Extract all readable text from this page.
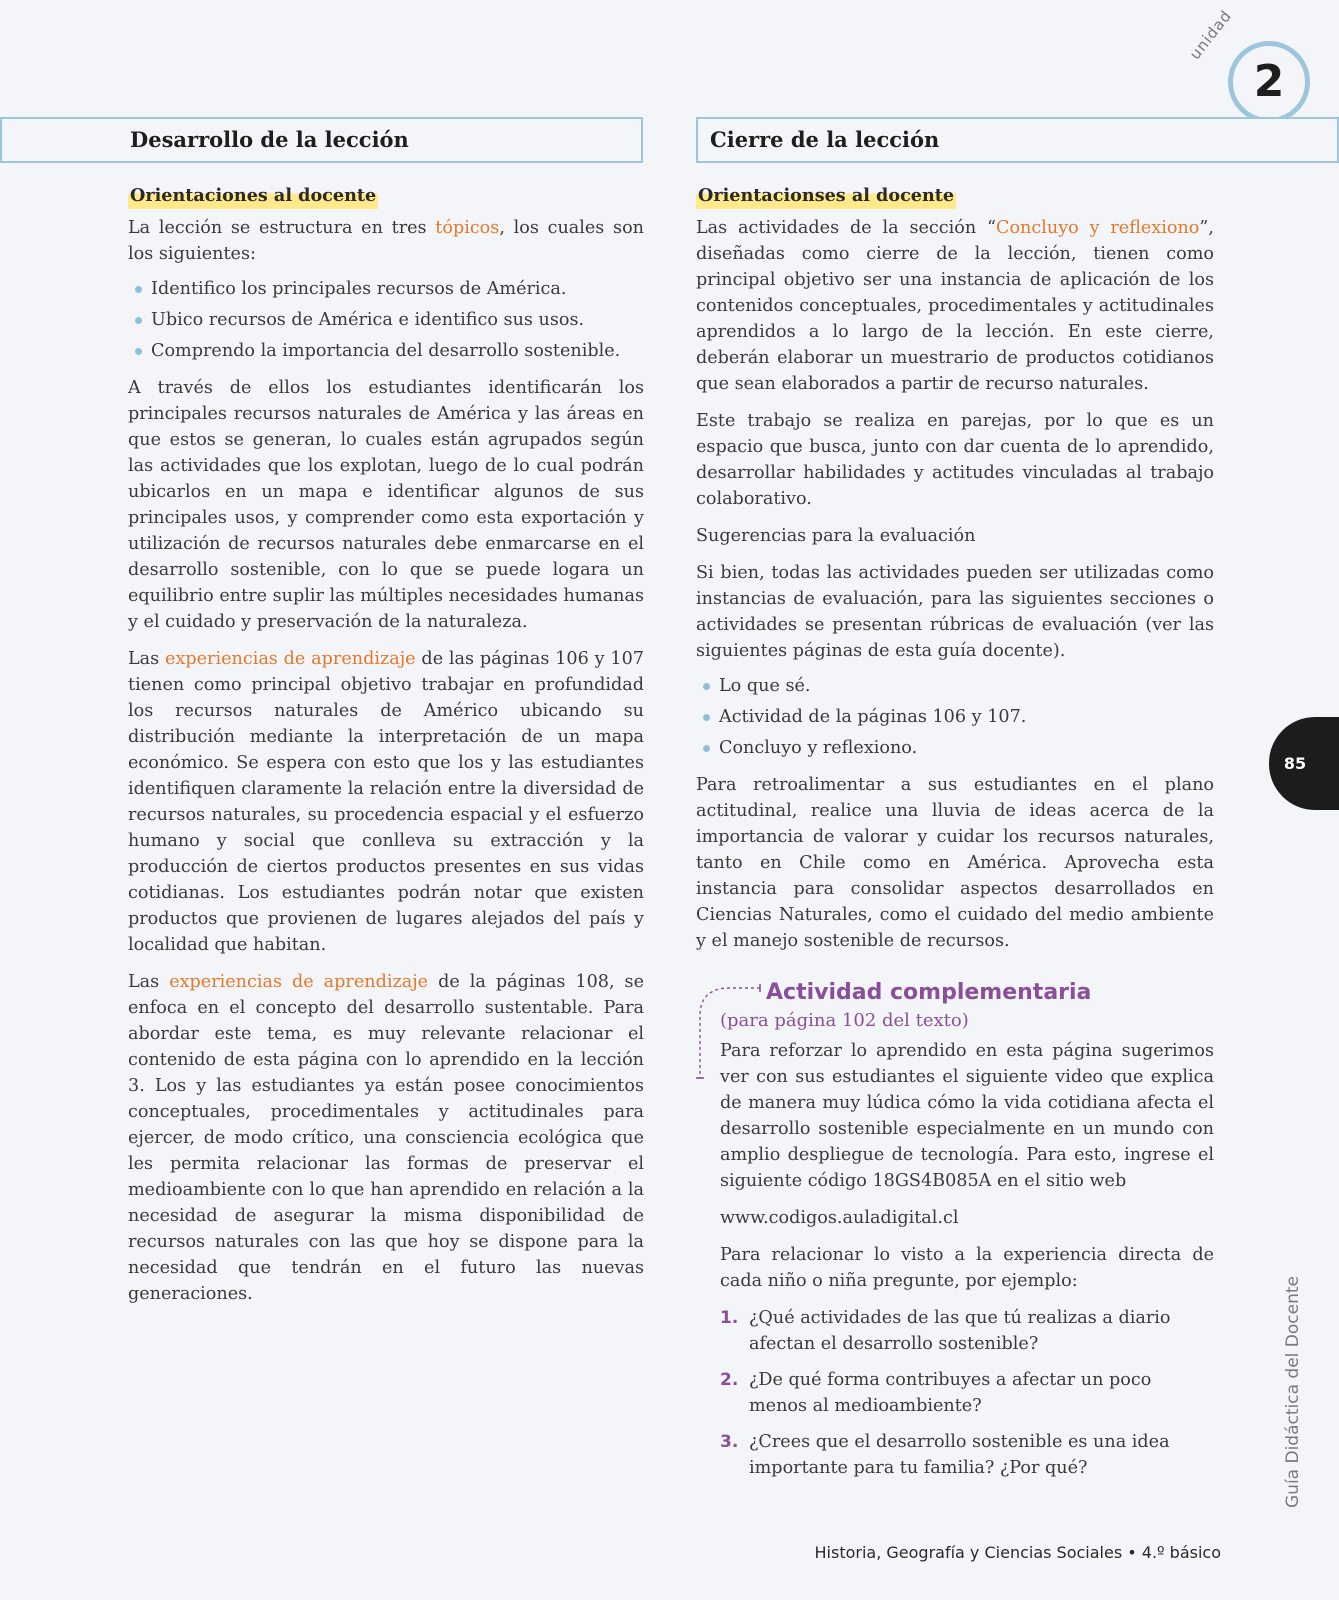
unidad
2
Desarrollo de la lección	Cierre de la lección
Orientaciones al docente

La lección se estructura en tres tópicos, los cuales son los siguientes:

Identifico los principales recursos de América.
Ubico recursos de América e identifico sus usos.
Comprendo la importancia del desarrollo sostenible.

A través de ellos los estudiantes identificarán los principales recursos naturales de América y las áreas en que estos se generan, lo cuales están agrupados según las actividades que los explotan, luego de lo cual podrán ubicarlos en un mapa e identificar algunos de sus principales usos, y comprender como esta exportación y utilización de recursos naturales debe enmarcarse en el desarrollo sostenible, con lo que se puede logara un equilibrio entre suplir las múltiples necesidades humanas y el cuidado y preservación de la naturaleza.

Las experiencias de aprendizaje de las páginas 106 y 107 tienen como principal objetivo trabajar en profundidad los recursos naturales de Américo ubicando su distribución mediante la interpretación de un mapa económico. Se espera con esto que los y las estudiantes identifiquen claramente la relación entre la diversidad de recursos naturales, su procedencia espacial y el esfuerzo humano y social que conlleva su extracción y la producción de ciertos productos presentes en sus vidas cotidianas. Los estudiantes podrán notar que existen productos que provienen de lugares alejados del país y localidad que habitan.

Las experiencias de aprendizaje de la páginas 108, se enfoca en el concepto del desarrollo sustentable. Para abordar este tema, es muy relevante relacionar el contenido de esta página con lo aprendido en la lección 3. Los y las estudiantes ya están posee conocimientos conceptuales, procedimentales y actitudinales para ejercer, de modo crítico, una consciencia ecológica que les permita relacionar las formas de preservar el medioambiente con lo que han aprendido en relación a la necesidad de asegurar la misma disponibilidad de recursos naturales con las que hoy se dispone para la necesidad que tendrán en el futuro las nuevas generaciones.

Orientacionses al docente

Las actividades de la sección “Concluyo y reflexiono”, diseñadas como cierre de la lección, tienen como principal objetivo ser una instancia de aplicación de los contenidos conceptuales, procedimentales y actitudinales aprendidos a lo largo de la lección. En este cierre, deberán elaborar un muestrario de productos cotidianos que sean elaborados a partir de recurso naturales.

Este trabajo se realiza en parejas, por lo que es un espacio que busca, junto con dar cuenta de lo aprendido, desarrollar habilidades y actitudes vinculadas al trabajo colaborativo.

Sugerencias para la evaluación

Si bien, todas las actividades pueden ser utilizadas como instancias de evaluación, para las siguientes secciones o actividades se presentan rúbricas de evaluación (ver las siguientes páginas de esta guía docente).

Lo que sé.
Actividad de la páginas 106 y 107.
Concluyo y reflexiono.

Para retroalimentar a sus estudiantes en el plano actitudinal, realice una lluvia de ideas acerca de la importancia de valorar y cuidar los recursos naturales, tanto en Chile como en América. Aprovecha esta instancia para consolidar aspectos desarrollados en Ciencias Naturales, como el cuidado del medio ambiente y el manejo sostenible de recursos.

Actividad complementaria
(para página 102 del texto)

Para reforzar lo aprendido en esta página sugerimos ver con sus estudiantes el siguiente video que explica de manera muy lúdica cómo la vida cotidiana afecta el desarrollo sostenible especialmente en un mundo con amplio despliegue de tecnología. Para esto, ingrese el siguiente código 18GS4B085A en el sitio web

www.codigos.auladigital.cl

Para relacionar lo visto a la experiencia directa de cada niño o niña pregunte, por ejemplo:

1. ¿Qué actividades de las que tú realizas a diario afectan el desarrollo sostenible?
2. ¿De qué forma contribuyes a afectar un poco menos al medioambiente?
3. ¿Crees que el desarrollo sostenible es una idea importante para tu familia? ¿Por qué?
85
Guía Didáctica del Docente
Historia, Geografía y Ciencias Sociales • 4.º básico
